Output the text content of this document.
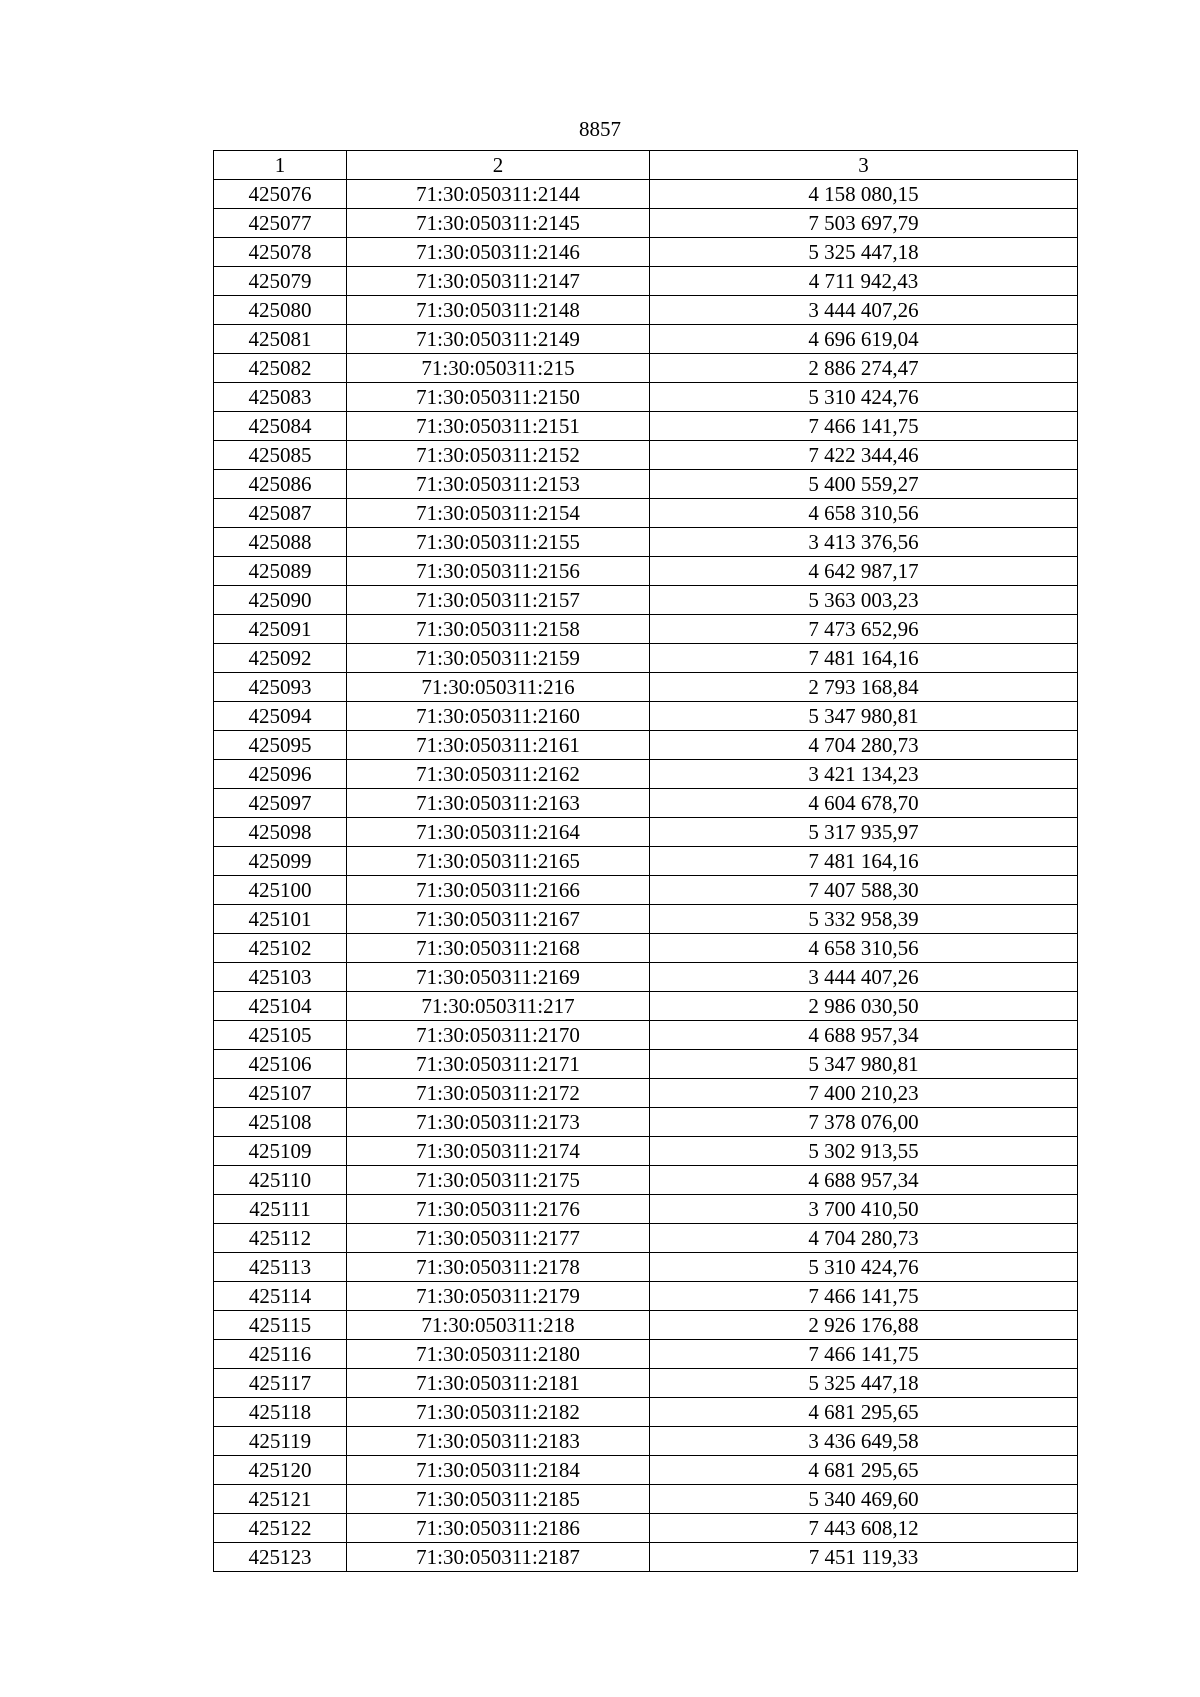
8857
1	2	3
425076	71:30:050311:2144	4 158 080,15
425077	71:30:050311:2145	7 503 697,79
425078	71:30:050311:2146	5 325 447,18
425079	71:30:050311:2147	4 711 942,43
425080	71:30:050311:2148	3 444 407,26
425081	71:30:050311:2149	4 696 619,04
425082	71:30:050311:215	2 886 274,47
425083	71:30:050311:2150	5 310 424,76
425084	71:30:050311:2151	7 466 141,75
425085	71:30:050311:2152	7 422 344,46
425086	71:30:050311:2153	5 400 559,27
425087	71:30:050311:2154	4 658 310,56
425088	71:30:050311:2155	3 413 376,56
425089	71:30:050311:2156	4 642 987,17
425090	71:30:050311:2157	5 363 003,23
425091	71:30:050311:2158	7 473 652,96
425092	71:30:050311:2159	7 481 164,16
425093	71:30:050311:216	2 793 168,84
425094	71:30:050311:2160	5 347 980,81
425095	71:30:050311:2161	4 704 280,73
425096	71:30:050311:2162	3 421 134,23
425097	71:30:050311:2163	4 604 678,70
425098	71:30:050311:2164	5 317 935,97
425099	71:30:050311:2165	7 481 164,16
425100	71:30:050311:2166	7 407 588,30
425101	71:30:050311:2167	5 332 958,39
425102	71:30:050311:2168	4 658 310,56
425103	71:30:050311:2169	3 444 407,26
425104	71:30:050311:217	2 986 030,50
425105	71:30:050311:2170	4 688 957,34
425106	71:30:050311:2171	5 347 980,81
425107	71:30:050311:2172	7 400 210,23
425108	71:30:050311:2173	7 378 076,00
425109	71:30:050311:2174	5 302 913,55
425110	71:30:050311:2175	4 688 957,34
425111	71:30:050311:2176	3 700 410,50
425112	71:30:050311:2177	4 704 280,73
425113	71:30:050311:2178	5 310 424,76
425114	71:30:050311:2179	7 466 141,75
425115	71:30:050311:218	2 926 176,88
425116	71:30:050311:2180	7 466 141,75
425117	71:30:050311:2181	5 325 447,18
425118	71:30:050311:2182	4 681 295,65
425119	71:30:050311:2183	3 436 649,58
425120	71:30:050311:2184	4 681 295,65
425121	71:30:050311:2185	5 340 469,60
425122	71:30:050311:2186	7 443 608,12
425123	71:30:050311:2187	7 451 119,33
